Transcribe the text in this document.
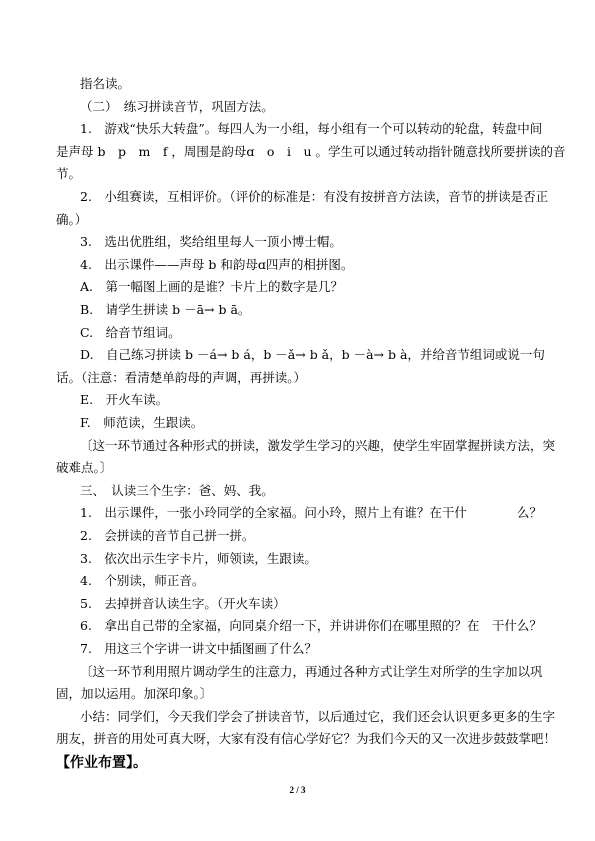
指名读。
（二）　练习拼读音节，巩固方法。
1.　游戏“快乐大转盘”。每四人为一小组，每小组有一个可以转动的轮盘，转盘中间
是声母 b　p　m　f ，周围是韵母ɑ　o　i　u 。学生可以通过转动指针随意找所要拼读的音
节。
2.　小组赛读，互相评价。（评价的标准是：有没有按拼音方法读，音节的拼读是否正
确。）
3.　选出优胜组，奖给组里每人一顶小博士帽。
4.　出示课件——声母 b 和韵母ɑ四声的相拼图。
A.　第一幅图上画的是谁？卡片上的数字是几？
B.　请学生拼读 b －ā→ b ā。
C.　给音节组词。
D.　自己练习拼读 b －á→ b á，b －ǎ→ b ǎ，b －à→ b à，并给音节组词或说一句
话。（注意：看清楚单韵母的声调，再拼读。）
E.　开火车读。
F.　师范读，生跟读。
〔这一环节通过各种形式的拼读，激发学生学习的兴趣，使学生牢固掌握拼读方法，突
破难点。〕
三、　认读三个生字：爸、妈、我。
1.　出示课件，一张小玲同学的全家福。问小玲，照片上有谁？在干什　　　　么？
2.　会拼读的音节自己拼一拼。
3.　依次出示生字卡片，师领读，生跟读。
4.　个别读，师正音。
5.　去掉拼音认读生字。（开火车读）
6.　拿出自己带的全家福，向同桌介绍一下，并讲讲你们在哪里照的？在　干什么？
7.　用这三个字讲一讲文中插图画了什么？
〔这一环节利用照片调动学生的注意力，再通过各种方式让学生对所学的生字加以巩
固，加以运用。加深印象。〕
小结：同学们，今天我们学会了拼读音节，以后通过它，我们还会认识更多更多的生字
朋友，拼音的用处可真大呀，大家有没有信心学好它？为我们今天的又一次进步鼓鼓掌吧！
【作业布置】。
2 / 3
